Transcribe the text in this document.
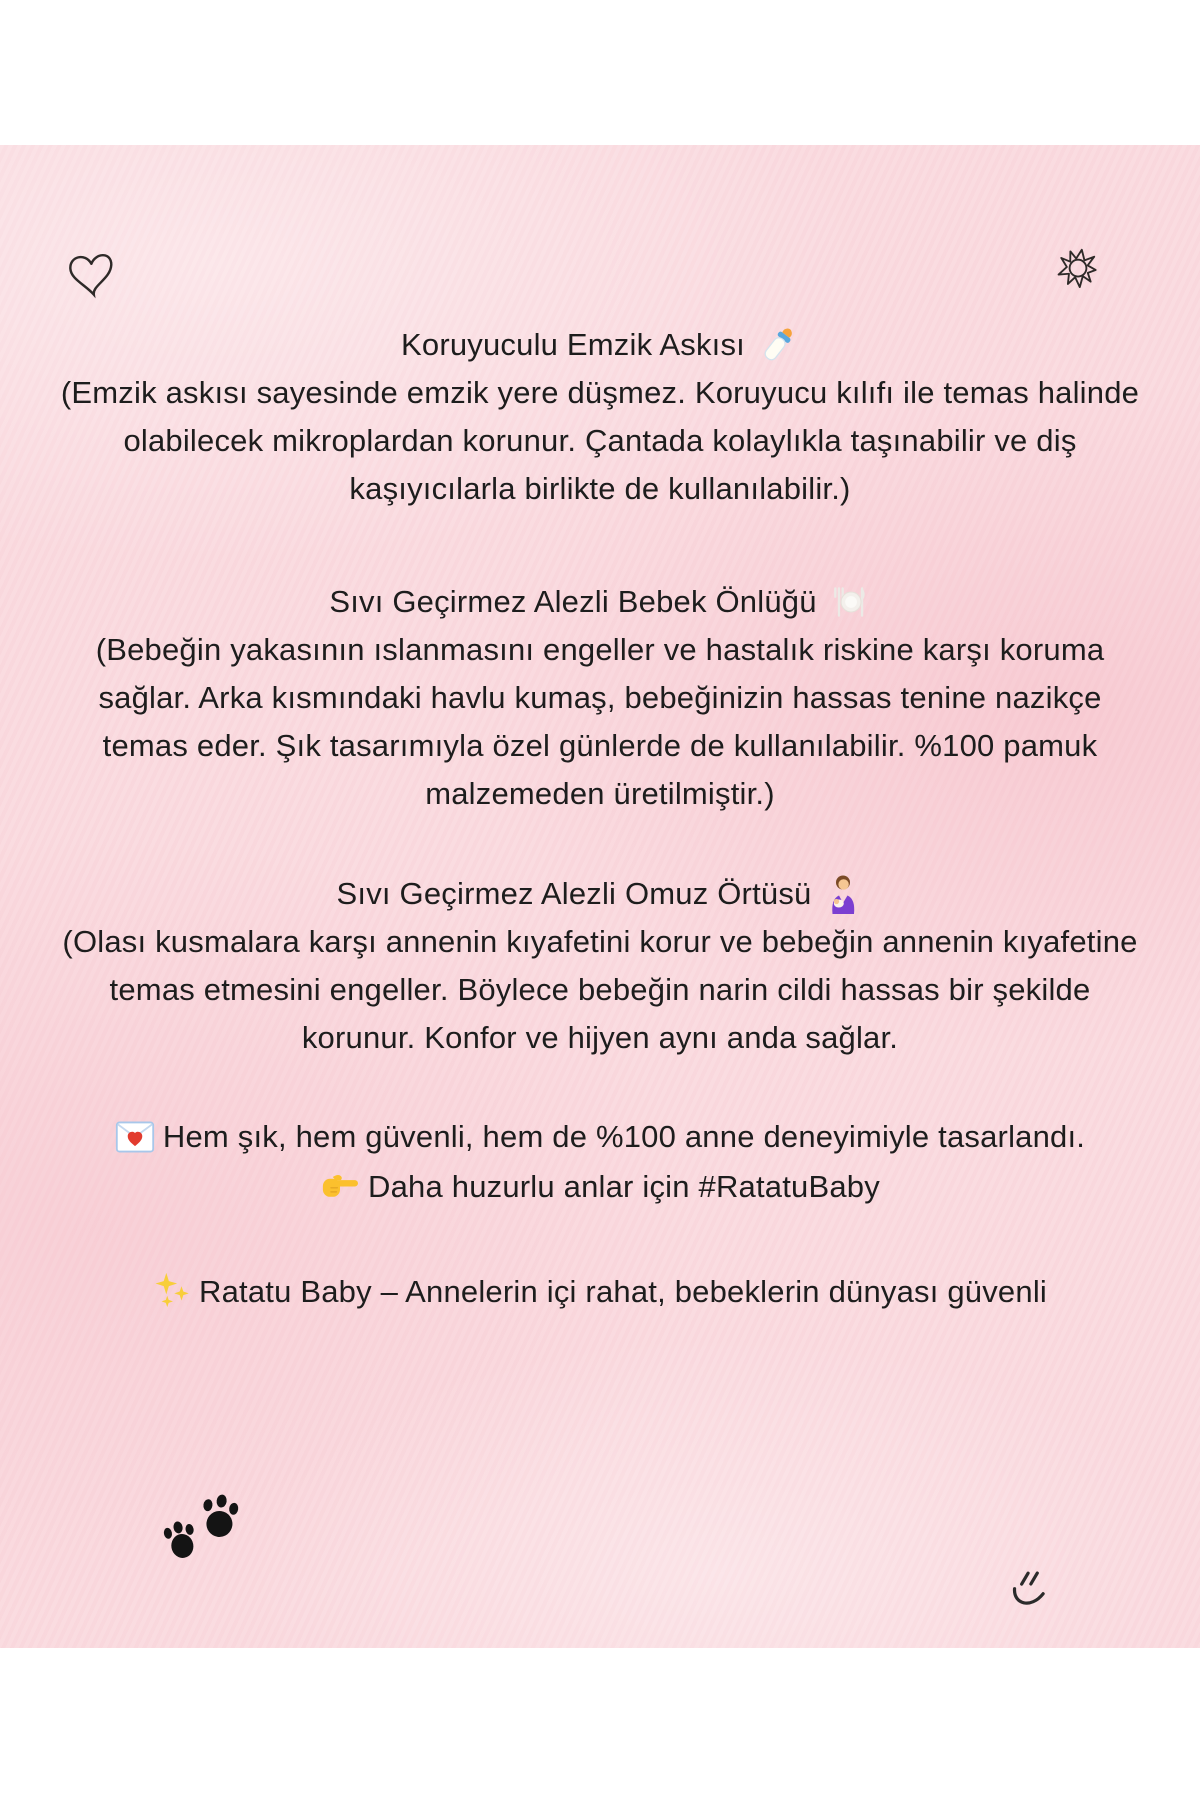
Koruyuculu Emzik Askısı

(Emzik askısı sayesinde emzik yere düşmez. Koruyucu kılıfı ile temas halinde olabilecek mikroplardan korunur. Çantada kolaylıkla taşınabilir ve diş kaşıyıcılarla birlikte de kullanılabilir.)

Sıvı Geçirmez Alezli Bebek Önlüğü

(Bebeğin yakasının ıslanmasını engeller ve hastalık riskine karşı koruma sağlar. Arka kısmındaki havlu kumaş, bebeğinizin hassas tenine nazikçe temas eder. Şık tasarımıyla özel günlerde de kullanılabilir. %100 pamuk malzemeden üretilmiştir.)

Sıvı Geçirmez Alezli Omuz Örtüsü

(Olası kusmalara karşı annenin kıyafetini korur ve bebeğin annenin kıyafetine temas etmesini engeller. Böylece bebeğin narin cildi hassas bir şekilde korunur. Konfor ve hijyen aynı anda sağlar.

Hem şık, hem güvenli, hem de %100 anne deneyimiyle tasarlandı.

Daha huzurlu anlar için #RatatuBaby

Ratatu Baby – Annelerin içi rahat, bebeklerin dünyası güvenli
